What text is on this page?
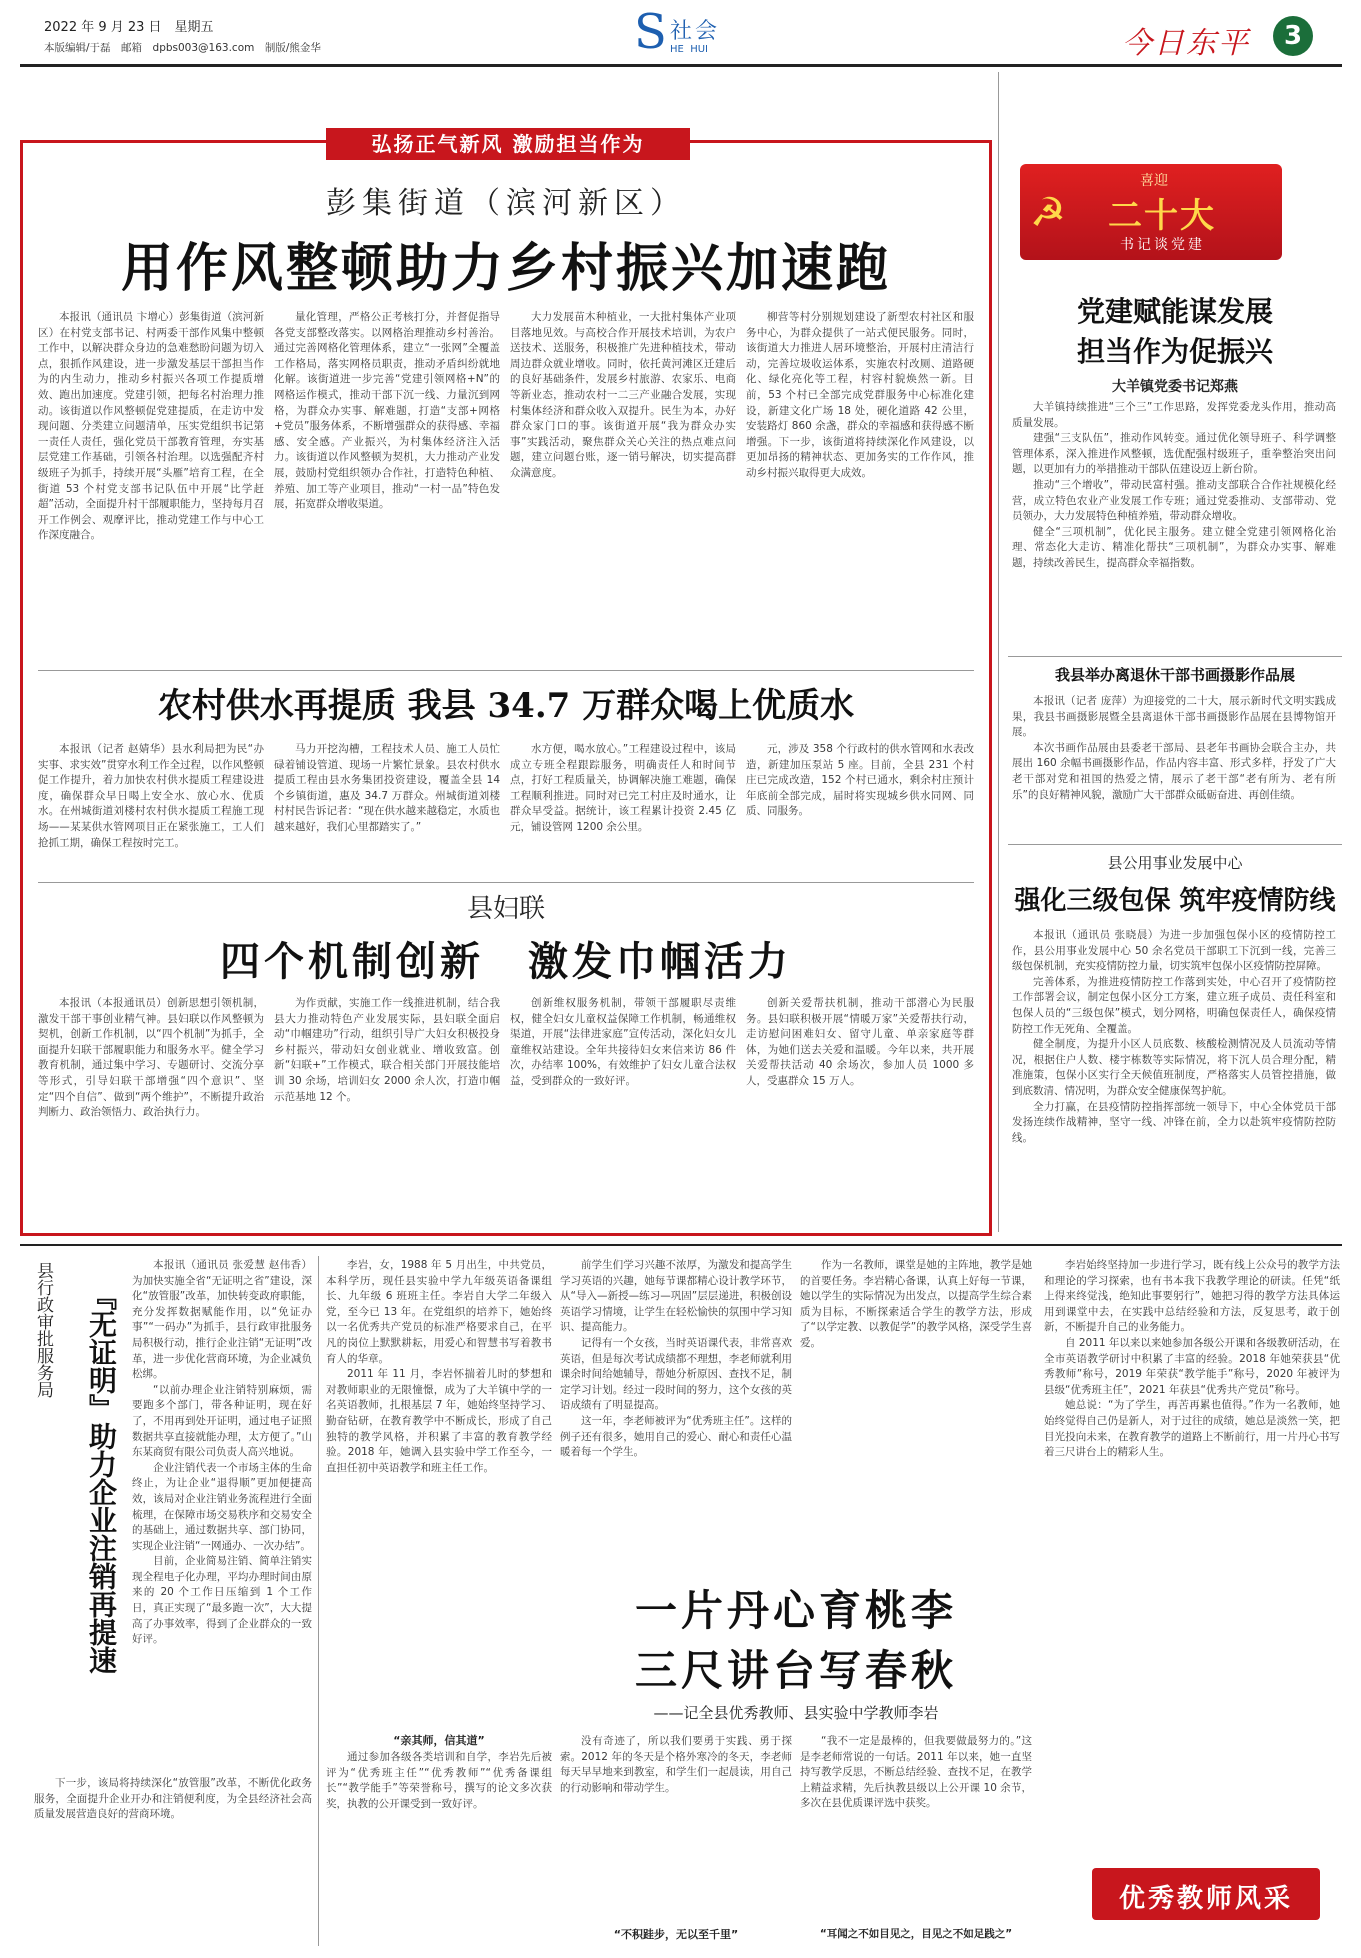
2022 年 9 月 23 日　星期五
本版编辑/于磊　邮箱　dpbs003@163.com　制版/熊金华	S 社会
HE  HUI	今日东平	3
弘扬正气新风 激励担当作为
彭集街道（滨河新区）
用作风整顿助力乡村振兴加速跑

本报讯（通讯员 卞增心）彭集街道（滨河新区）在村党支部书记、村两委干部作风集中整顿工作中，以解决群众身边的急难愁盼问题为切入点，狠抓作风建设，进一步激发基层干部担当作为的内生动力，推动乡村振兴各项工作提质增效、跑出加速度。党建引领，把每名村治理力推动。该街道以作风整顿促党建提质，在走访中发现问题、分类建立问题清单，压实党组织书记第一责任人责任，强化党员干部教育管理，夯实基层党建工作基础，引领各村治理。以选强配齐村级班子为抓手，持续开展“头雁”培育工程，在全街道 53 个村党支部书记队伍中开展“比学赶超”活动，全面提升村干部履职能力，坚持每月召开工作例会、观摩评比，推动党建工作与中心工作深度融合。

量化管理，严格公正考核打分，并督促指导各党支部整改落实。以网格治理推动乡村善治。通过完善网格化管理体系，建立“一张网”全覆盖工作格局，落实网格员职责，推动矛盾纠纷就地化解。该街道进一步完善“党建引领网格+N”的网格运作模式，推动干部下沉一线、力量沉到网格，为群众办实事、解难题，打造“支部+网格+党员”服务体系，不断增强群众的获得感、幸福感、安全感。产业振兴，为村集体经济注入活力。该街道以作风整顿为契机，大力推动产业发展，鼓励村党组织领办合作社，打造特色种植、养殖、加工等产业项目，推动“一村一品”特色发展，拓宽群众增收渠道。

大力发展苗木种植业，一大批村集体产业项目落地见效。与高校合作开展技术培训，为农户送技术、送服务，积极推广先进种植技术，带动周边群众就业增收。同时，依托黄河滩区迁建后的良好基础条件，发展乡村旅游、农家乐、电商等新业态，推动农村一二三产业融合发展，实现村集体经济和群众收入双提升。民生为本，办好群众家门口的事。该街道开展“我为群众办实事”实践活动，聚焦群众关心关注的热点难点问题，建立问题台账，逐一销号解决，切实提高群众满意度。

柳营等村分别规划建设了新型农村社区和服务中心，为群众提供了一站式便民服务。同时，该街道大力推进人居环境整治，开展村庄清洁行动，完善垃圾收运体系，实施农村改厕、道路硬化、绿化亮化等工程，村容村貌焕然一新。目前，53 个村已全部完成党群服务中心标准化建设，新建文化广场 18 处，硬化道路 42 公里，安装路灯 860 余盏，群众的幸福感和获得感不断增强。下一步，该街道将持续深化作风建设，以更加昂扬的精神状态、更加务实的工作作风，推动乡村振兴取得更大成效。

农村供水再提质 我县 34.7 万群众喝上优质水

本报讯（记者 赵婧华）县水利局把为民“办实事、求实效”贯穿水利工作全过程，以作风整顿促工作提升，着力加快农村供水提质工程建设进度，确保群众早日喝上安全水、放心水、优质水。在州城街道刘楼村农村供水提质工程施工现场——某某供水管网项目正在紧张施工，工人们抢抓工期，确保工程按时完工。

马力开挖沟槽，工程技术人员、施工人员忙碌着铺设管道、现场一片繁忙景象。县农村供水提质工程由县水务集团投资建设，覆盖全县 14 个乡镇街道，惠及 34.7 万群众。州城街道刘楼村村民告诉记者：“现在供水越来越稳定，水质也越来越好，我们心里都踏实了。”

水方便，喝水放心。”工程建设过程中，该局成立专班全程跟踪服务，明确责任人和时间节点，打好工程质量关，协调解决施工难题，确保工程顺利推进。同时对已完工村庄及时通水，让群众早受益。据统计，该工程累计投资 2.45 亿元，铺设管网 1200 余公里。

元，涉及 358 个行政村的供水管网和水表改造，新建加压泵站 5 座。目前，全县 231 个村庄已完成改造，152 个村已通水，剩余村庄预计年底前全部完成，届时将实现城乡供水同网、同质、同服务。

县妇联
四个机制创新　激发巾帼活力

本报讯（本报通讯员）创新思想引领机制，激发干部干事创业精气神。县妇联以作风整顿为契机，创新工作机制，以“四个机制”为抓手，全面提升妇联干部履职能力和服务水平。健全学习教育机制，通过集中学习、专题研讨、交流分享等形式，引导妇联干部增强“四个意识”、坚定“四个自信”、做到“两个维护”，不断提升政治判断力、政治领悟力、政治执行力。

为作贡献，实施工作一线推进机制，结合我县大力推动特色产业发展实际，县妇联全面启动“巾帼建功”行动，组织引导广大妇女积极投身乡村振兴，带动妇女创业就业、增收致富。创新“妇联+”工作模式，联合相关部门开展技能培训 30 余场，培训妇女 2000 余人次，打造巾帼示范基地 12 个。

创新维权服务机制，带领干部履职尽责维权，健全妇女儿童权益保障工作机制，畅通维权渠道，开展“法律进家庭”宣传活动，深化妇女儿童维权站建设。全年共接待妇女来信来访 86 件次，办结率 100%，有效维护了妇女儿童合法权益，受到群众的一致好评。

创新关爱帮扶机制，推动干部潜心为民服务。县妇联积极开展“情暖万家”关爱帮扶行动，走访慰问困难妇女、留守儿童、单亲家庭等群体，为她们送去关爱和温暖。今年以来，共开展关爱帮扶活动 40 余场次，参加人员 1000 多人，受惠群众 15 万人。

☭
喜迎
二十大
书记谈党建
党建赋能谋发展
担当作为促振兴
大羊镇党委书记郑燕

大羊镇持续推进“三个三”工作思路，发挥党委龙头作用，推动高质量发展。

建强“三支队伍”，推动作风转变。通过优化领导班子、科学调整管理体系，深入推进作风整顿，选优配强村级班子，重拳整治突出问题，以更加有力的举措推动干部队伍建设迈上新台阶。

推动“三个增收”，带动民富村强。推动支部联合合作社规模化经营，成立特色农业产业发展工作专班；通过党委推动、支部带动、党员领办，大力发展特色种植养殖，带动群众增收。

健全“三项机制”，优化民主服务。建立健全党建引领网格化治理、常态化大走访、精准化帮扶“三项机制”，为群众办实事、解难题，持续改善民生，提高群众幸福指数。

我县举办离退休干部书画摄影作品展

本报讯（记者 庞萍）为迎接党的二十大，展示新时代文明实践成果，我县书画摄影展暨全县离退休干部书画摄影作品展在县博物馆开展。

本次书画作品展由县委老干部局、县老年书画协会联合主办，共展出 160 余幅书画摄影作品，作品内容丰富、形式多样，抒发了广大老干部对党和祖国的热爱之情，展示了老干部“老有所为、老有所乐”的良好精神风貌，激励广大干部群众砥砺奋进、再创佳绩。

县公用事业发展中心
强化三级包保 筑牢疫情防线

本报讯（通讯员 张晓晨）为进一步加强包保小区的疫情防控工作，县公用事业发展中心 50 余名党员干部职工下沉到一线，完善三级包保机制，充实疫情防控力量，切实筑牢包保小区疫情防控屏障。

完善体系，为推进疫情防控工作落到实处，中心召开了疫情防控工作部署会议，制定包保小区分工方案，建立班子成员、责任科室和包保人员的“三级包保”模式，划分网格，明确包保责任人，确保疫情防控工作无死角、全覆盖。

健全制度，为提升小区人员底数、核酸检测情况及人员流动等情况，根据住户人数、楼宇栋数等实际情况，将下沉人员合理分配，精准施策，包保小区实行全天候值班制度，严格落实人员管控措施，做到底数清、情况明，为群众安全健康保驾护航。

全力打赢，在县疫情防控指挥部统一领导下，中心全体党员干部发扬连续作战精神，坚守一线、冲锋在前，全力以赴筑牢疫情防控防线。

县行政审批服务局	『无证明』助力企业注销再提速

本报讯（通讯员 张爱慧 赵伟香）为加快实施全省“无证明之省”建设，深化“放管服”改革，加快转变政府职能，充分发挥数据赋能作用，以“免证办事”“一码办”为抓手，县行政审批服务局积极行动，推行企业注销“无证明”改革，进一步优化营商环境，为企业减负松绑。

“以前办理企业注销特别麻烦，需要跑多个部门，带各种证明，现在好了，不用再到处开证明，通过电子证照数据共享直接就能办理，太方便了。”山东某商贸有限公司负责人高兴地说。

企业注销代表一个市场主体的生命终止，为让企业“退得顺”更加便捷高效，该局对企业注销业务流程进行全面梳理，在保障市场交易秩序和交易安全的基础上，通过数据共享、部门协同，实现企业注销“一网通办、一次办结”。

目前，企业简易注销、简单注销实现全程电子化办理，平均办理时间由原来的 20 个工作日压缩到 1 个工作日，真正实现了“最多跑一次”，大大提高了办事效率，得到了企业群众的一致好评。

下一步，该局将持续深化“放管服”改革，不断优化政务服务，全面提升企业开办和注销便利度，为全县经济社会高质量发展营造良好的营商环境。

李岩，女，1988 年 5 月出生，中共党员，本科学历，现任县实验中学九年级英语备课组长、九年级 6 班班主任。李岩自大学二年级入党，至今已 13 年。在党组织的培养下，她始终以一名优秀共产党员的标准严格要求自己，在平凡的岗位上默默耕耘，用爱心和智慧书写着教书育人的华章。

2011 年 11 月，李岩怀揣着儿时的梦想和对教师职业的无限憧憬，成为了大羊镇中学的一名英语教师，扎根基层 7 年，她始终坚持学习、勤奋钻研，在教育教学中不断成长，形成了自己独特的教学风格，并积累了丰富的教育教学经验。2018 年，她调入县实验中学工作至今，一直担任初中英语教学和班主任工作。

“亲其师，信其道”

通过参加各级各类培训和自学，李岩先后被评为“优秀班主任”“优秀教师”“优秀备课组长”“教学能手”等荣誉称号，撰写的论文多次获奖，执教的公开课受到一致好评。

前学生们学习兴趣不浓厚，为激发和提高学生学习英语的兴趣，她每节课都精心设计教学环节，从“导入—新授—练习—巩固”层层递进，积极创设英语学习情境，让学生在轻松愉快的氛围中学习知识、提高能力。

记得有一个女孩，当时英语课代表，非常喜欢英语，但是每次考试成绩都不理想，李老师就利用课余时间给她辅导，帮她分析原因、查找不足，制定学习计划。经过一段时间的努力，这个女孩的英语成绩有了明显提高。

这一年，李老师被评为“优秀班主任”。这样的例子还有很多，她用自己的爱心、耐心和责任心温暖着每一个学生。

作为一名教师，课堂是她的主阵地，教学是她的首要任务。李岩精心备课，认真上好每一节课，她以学生的实际情况为出发点，以提高学生综合素质为目标，不断探索适合学生的教学方法，形成了“以学定教、以教促学”的教学风格，深受学生喜爱。

一片丹心育桃李
三尺讲台写春秋
——记全县优秀教师、县实验中学教师李岩

没有奇迹了，所以我们要勇于实践、勇于探索。2012 年的冬天是个格外寒冷的冬天，李老师每天早早地来到教室，和学生们一起晨读，用自己的行动影响和带动学生。

“不积跬步，无以至千里”

“我不一定是最棒的，但我要做最努力的。”这是李老师常说的一句话。2011 年以来，她一直坚持写教学反思，不断总结经验、查找不足，在教学上精益求精，先后执教县级以上公开课 10 余节，多次在县优质课评选中获奖。

“耳闻之不如目见之，目见之不如足践之”

李岩始终坚持加一步进行学习，既有线上公众号的教学方法和理论的学习探索，也有书本我下我教学理论的研读。任凭“纸上得来终觉浅，绝知此事要躬行”，她把习得的教学方法具体运用到课堂中去，在实践中总结经验和方法，反复思考，敢于创新，不断提升自己的业务能力。

自 2011 年以来以来她参加各级公开课和各级教研活动，在全市英语教学研讨中积累了丰富的经验。2018 年她荣获县“优秀教师”称号，2019 年荣获“教学能手”称号，2020 年被评为县级“优秀班主任”，2021 年获县“优秀共产党员”称号。

她总说：“为了学生，再苦再累也值得。”作为一名教师，她始终觉得自己仍是新人，对于过往的成绩，她总是淡然一笑，把目光投向未来，在教育教学的道路上不断前行，用一片丹心书写着三尺讲台上的精彩人生。

优秀教师风采
